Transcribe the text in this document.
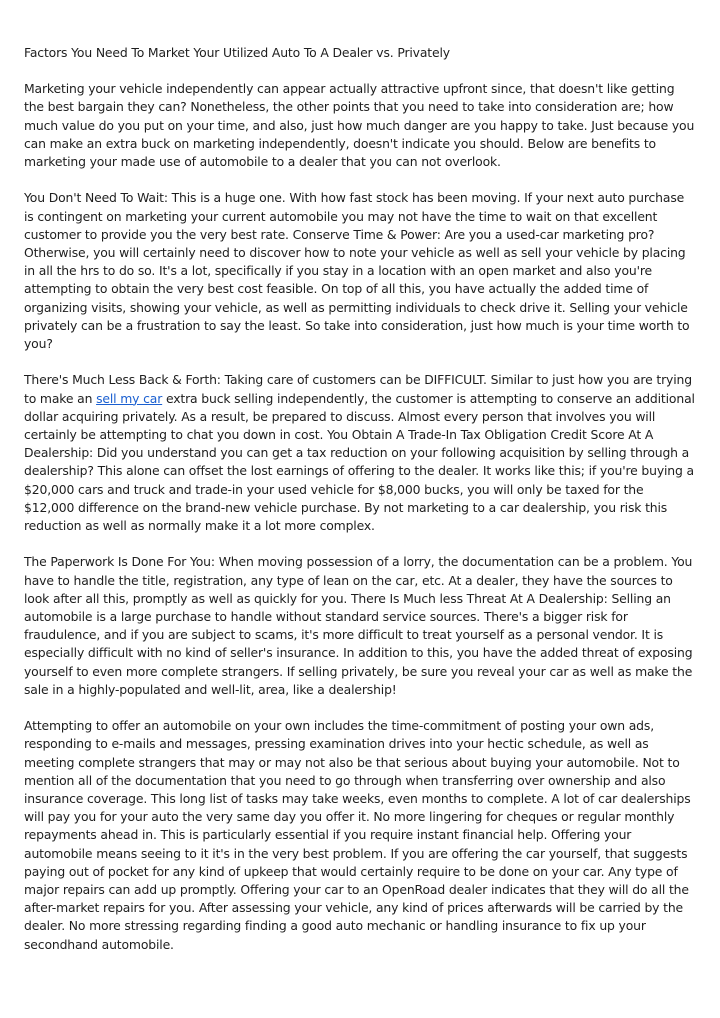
Factors You Need To Market Your Utilized Auto To A Dealer vs. Privately

Marketing your vehicle independently can appear actually attractive upfront since, that doesn't like getting the best bargain they can? Nonetheless, the other points that you need to take into consideration are; how much value do you put on your time, and also, just how much danger are you happy to take. Just because you can make an extra buck on marketing independently, doesn't indicate you should. Below are benefits to marketing your made use of automobile to a dealer that you can not overlook.

You Don't Need To Wait: This is a huge one. With how fast stock has been moving. If your next auto purchase is contingent on marketing your current automobile you may not have the time to wait on that excellent customer to provide you the very best rate. Conserve Time & Power: Are you a used-car marketing pro? Otherwise, you will certainly need to discover how to note your vehicle as well as sell your vehicle by placing in all the hrs to do so. It's a lot, specifically if you stay in a location with an open market and also you're attempting to obtain the very best cost feasible. On top of all this, you have actually the added time of organizing visits, showing your vehicle, as well as permitting individuals to check drive it. Selling your vehicle privately can be a frustration to say the least. So take into consideration, just how much is your time worth to you?

There's Much Less Back & Forth: Taking care of customers can be DIFFICULT. Similar to just how you are trying to make an sell my car extra buck selling independently, the customer is attempting to conserve an additional dollar acquiring privately. As a result, be prepared to discuss. Almost every person that involves you will certainly be attempting to chat you down in cost. You Obtain A Trade-In Tax Obligation Credit Score At A Dealership: Did you understand you can get a tax reduction on your following acquisition by selling through a dealership? This alone can offset the lost earnings of offering to the dealer. It works like this; if you're buying a $20,000 cars and truck and trade-in your used vehicle for $8,000 bucks, you will only be taxed for the $12,000 difference on the brand-new vehicle purchase. By not marketing to a car dealership, you risk this reduction as well as normally make it a lot more complex.

The Paperwork Is Done For You: When moving possession of a lorry, the documentation can be a problem. You have to handle the title, registration, any type of lean on the car, etc. At a dealer, they have the sources to look after all this, promptly as well as quickly for you. There Is Much less Threat At A Dealership: Selling an automobile is a large purchase to handle without standard service sources. There's a bigger risk for fraudulence, and if you are subject to scams, it's more difficult to treat yourself as a personal vendor. It is especially difficult with no kind of seller's insurance. In addition to this, you have the added threat of exposing yourself to even more complete strangers. If selling privately, be sure you reveal your car as well as make the sale in a highly-populated and well-lit, area, like a dealership!

Attempting to offer an automobile on your own includes the time-commitment of posting your own ads, responding to e-mails and messages, pressing examination drives into your hectic schedule, as well as meeting complete strangers that may or may not also be that serious about buying your automobile. Not to mention all of the documentation that you need to go through when transferring over ownership and also insurance coverage. This long list of tasks may take weeks, even months to complete. A lot of car dealerships will pay you for your auto the very same day you offer it. No more lingering for cheques or regular monthly repayments ahead in. This is particularly essential if you require instant financial help. Offering your automobile means seeing to it it's in the very best problem. If you are offering the car yourself, that suggests paying out of pocket for any kind of upkeep that would certainly require to be done on your car. Any type of major repairs can add up promptly. Offering your car to an OpenRoad dealer indicates that they will do all the after-market repairs for you. After assessing your vehicle, any kind of prices afterwards will be carried by the dealer. No more stressing regarding finding a good auto mechanic or handling insurance to fix up your secondhand automobile.
